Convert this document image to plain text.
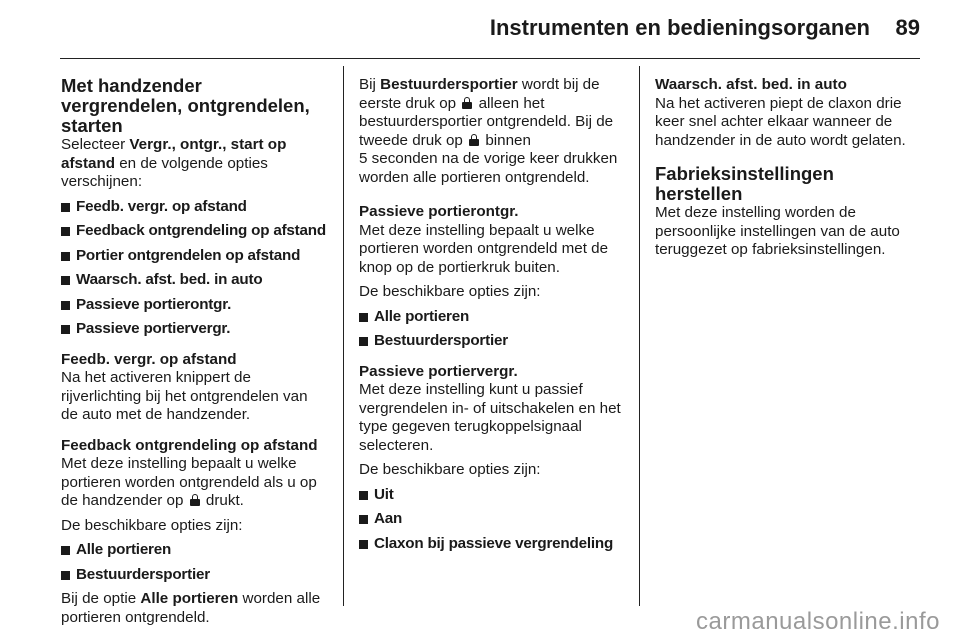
Instrumenten en bedieningsorganen 89
Met handzender vergrendelen, ontgrendelen, starten

Selecteer Vergr., ontgr., start op afstand en de volgende opties verschijnen:

Feedb. vergr. op afstand
Feedback ontgrendeling op afstand
Portier ontgrendelen op afstand
Waarsch. afst. bed. in auto
Passieve portierontgr.
Passieve portiervergr.
Feedb. vergr. op afstand

Na het activeren knippert de rijverlichting bij het ontgrendelen van de auto met de handzender.

Feedback ontgrendeling op afstand

Met deze instelling bepaalt u welke portieren worden ontgrendeld als u op de handzender op drukt.

De beschikbare opties zijn:

Alle portieren
Bestuurdersportier

Bij de optie Alle portieren worden alle portieren ontgrendeld.

Bij Bestuurdersportier wordt bij de eerste druk op alleen het bestuurdersportier ontgrendeld. Bij de tweede druk op binnen
5 seconden na de vorige keer drukken worden alle portieren ontgrendeld.

Passieve portierontgr.

Met deze instelling bepaalt u welke portieren worden ontgrendeld met de knop op de portierkruk buiten.

De beschikbare opties zijn:

Alle portieren
Bestuurdersportier
Passieve portiervergr.

Met deze instelling kunt u passief vergrendelen in- of uitschakelen en het type gegeven terugkoppelsignaal selecteren.

De beschikbare opties zijn:

Uit
Aan
Claxon bij passieve vergrendeling
Waarsch. afst. bed. in auto

Na het activeren piept de claxon drie keer snel achter elkaar wanneer de handzender in de auto wordt gelaten.

Fabrieksinstellingen herstellen

Met deze instelling worden de persoonlijke instellingen van de auto teruggezet op fabrieksinstellingen.

carmanualsonline.info
